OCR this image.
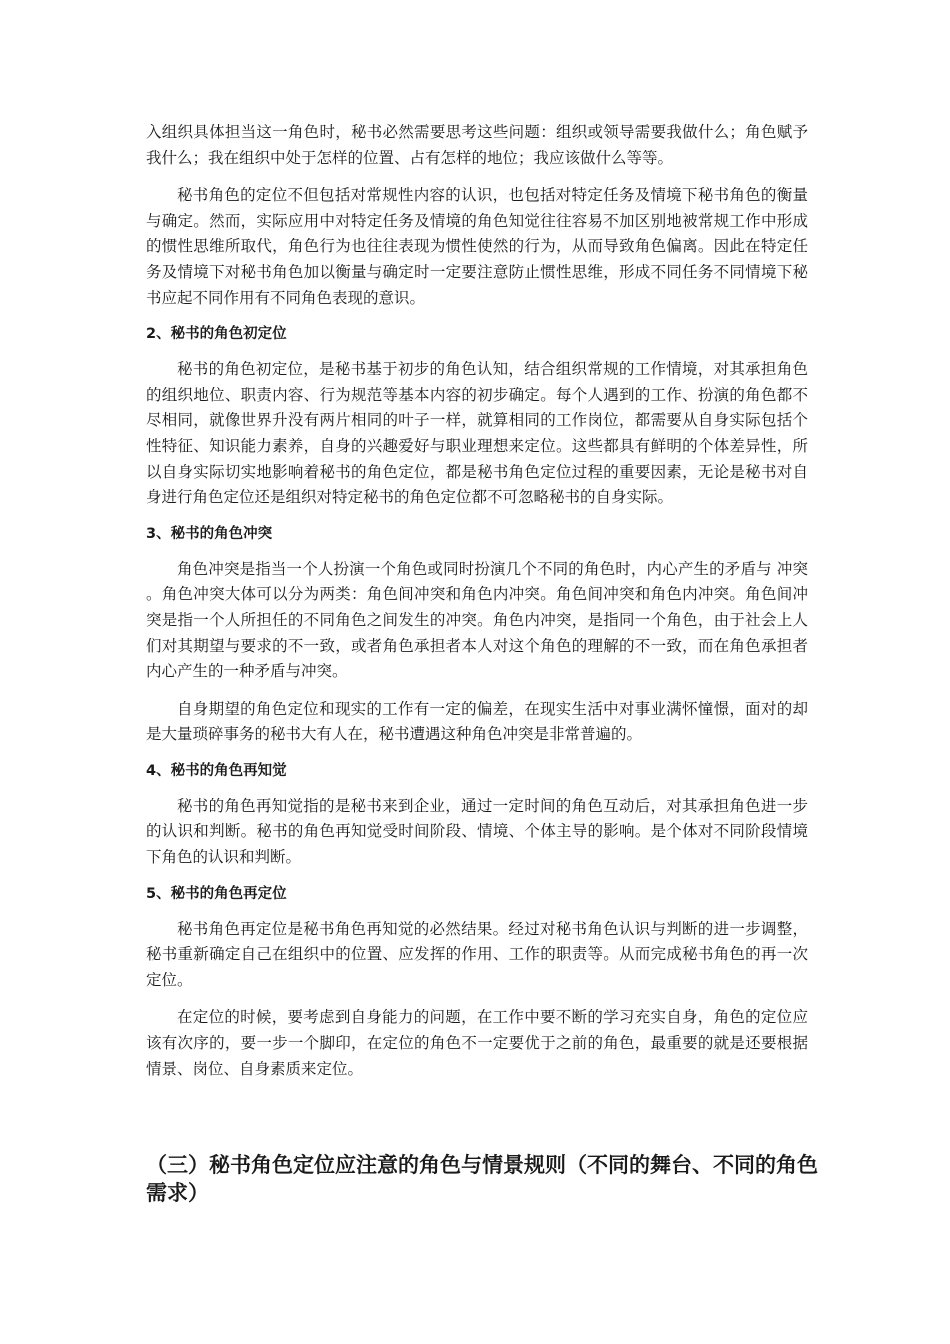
入组织具体担当这一角色时，秘书必然需要思考这些问题：组织或领导需要我做什么；角色赋予我什么；我在组织中处于怎样的位置、占有怎样的地位；我应该做什么等等。

秘书角色的定位不但包括对常规性内容的认识，也包括对特定任务及情境下秘书角色的衡量与确定。然而，实际应用中对特定任务及情境的角色知觉往往容易不加区别地被常规工作中形成的惯性思维所取代，角色行为也往往表现为惯性使然的行为，从而导致角色偏离。因此在特定任务及情境下对秘书角色加以衡量与确定时一定要注意防止惯性思维，形成不同任务不同情境下秘书应起不同作用有不同角色表现的意识。

2、秘书的角色初定位

秘书的角色初定位，是秘书基于初步的角色认知，结合组织常规的工作情境，对其承担角色的组织地位、职责内容、行为规范等基本内容的初步确定。每个人遇到的工作、扮演的角色都不尽相同，就像世界升没有两片相同的叶子一样，就算相同的工作岗位，都需要从自身实际包括个性特征、知识能力素养，自身的兴趣爱好与职业理想来定位。这些都具有鲜明的个体差异性，所以自身实际切实地影响着秘书的角色定位，都是秘书角色定位过程的重要因素，无论是秘书对自身进行角色定位还是组织对特定秘书的角色定位都不可忽略秘书的自身实际。

3、秘书的角色冲突

角色冲突是指当一个人扮演一个角色或同时扮演几个不同的角色时，内心产生的矛盾与 冲突 。角色冲突大体可以分为两类：角色间冲突和角色内冲突。角色间冲突和角色内冲突。角色间冲突是指一个人所担任的不同角色之间发生的冲突。角色内冲突，是指同一个角色，由于社会上人们对其期望与要求的不一致，或者角色承担者本人对这个角色的理解的不一致，而在角色承担者内心产生的一种矛盾与冲突。

自身期望的角色定位和现实的工作有一定的偏差，在现实生活中对事业满怀憧憬，面对的却是大量琐碎事务的秘书大有人在，秘书遭遇这种角色冲突是非常普遍的。

4、秘书的角色再知觉

秘书的角色再知觉指的是秘书来到企业，通过一定时间的角色互动后，对其承担角色进一步的认识和判断。秘书的角色再知觉受时间阶段、情境、个体主导的影响。是个体对不同阶段情境下角色的认识和判断。

5、秘书的角色再定位

秘书角色再定位是秘书角色再知觉的必然结果。经过对秘书角色认识与判断的进一步调整，秘书重新确定自己在组织中的位置、应发挥的作用、工作的职责等。从而完成秘书角色的再一次定位。

在定位的时候，要考虑到自身能力的问题，在工作中要不断的学习充实自身，角色的定位应该有次序的，要一步一个脚印，在定位的角色不一定要优于之前的角色，最重要的就是还要根据情景、岗位、自身素质来定位。

（三）秘书角色定位应注意的角色与情景规则（不同的舞台、不同的角色需求）
